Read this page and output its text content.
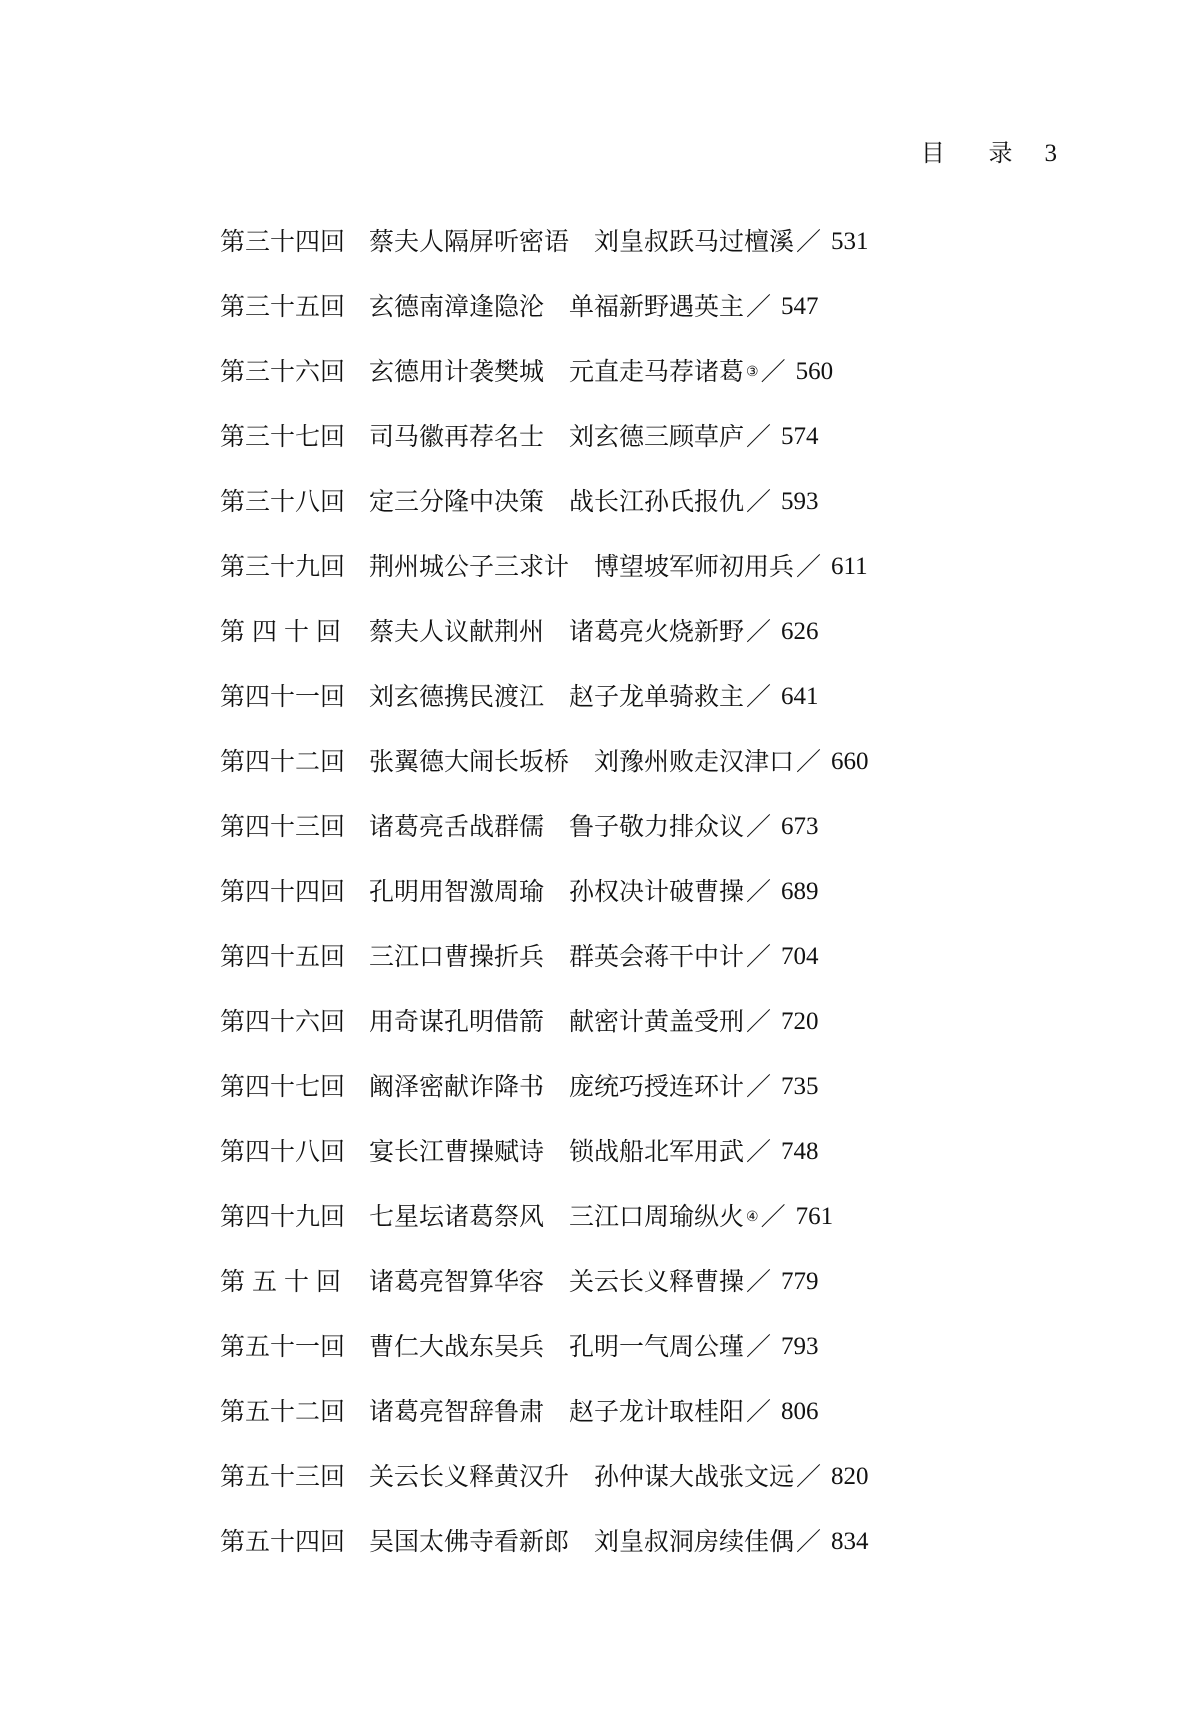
目 录 3
第三十四回 蔡夫人隔屏听密语 刘皇叔跃马过檀溪 ／ 531
第三十五回 玄德南漳逢隐沦 单福新野遇英主 ／ 547
第三十六回 玄德用计袭樊城 元直走马荐诸葛 ③ ／ 560
第三十七回 司马徽再荐名士 刘玄德三顾草庐 ／ 574
第三十八回 定三分隆中决策 战长江孙氏报仇 ／ 593
第三十九回 荆州城公子三求计 博望坡军师初用兵 ／ 611
第四十回 蔡夫人议献荆州 诸葛亮火烧新野 ／ 626
第四十一回 刘玄德携民渡江 赵子龙单骑救主 ／ 641
第四十二回 张翼德大闹长坂桥 刘豫州败走汉津口 ／ 660
第四十三回 诸葛亮舌战群儒 鲁子敬力排众议 ／ 673
第四十四回 孔明用智激周瑜 孙权决计破曹操 ／ 689
第四十五回 三江口曹操折兵 群英会蒋干中计 ／ 704
第四十六回 用奇谋孔明借箭 献密计黄盖受刑 ／ 720
第四十七回 阚泽密献诈降书 庞统巧授连环计 ／ 735
第四十八回 宴长江曹操赋诗 锁战船北军用武 ／ 748
第四十九回 七星坛诸葛祭风 三江口周瑜纵火 ④ ／ 761
第五十回 诸葛亮智算华容 关云长义释曹操 ／ 779
第五十一回 曹仁大战东吴兵 孔明一气周公瑾 ／ 793
第五十二回 诸葛亮智辞鲁肃 赵子龙计取桂阳 ／ 806
第五十三回 关云长义释黄汉升 孙仲谋大战张文远 ／ 820
第五十四回 吴国太佛寺看新郎 刘皇叔洞房续佳偶 ／ 834
